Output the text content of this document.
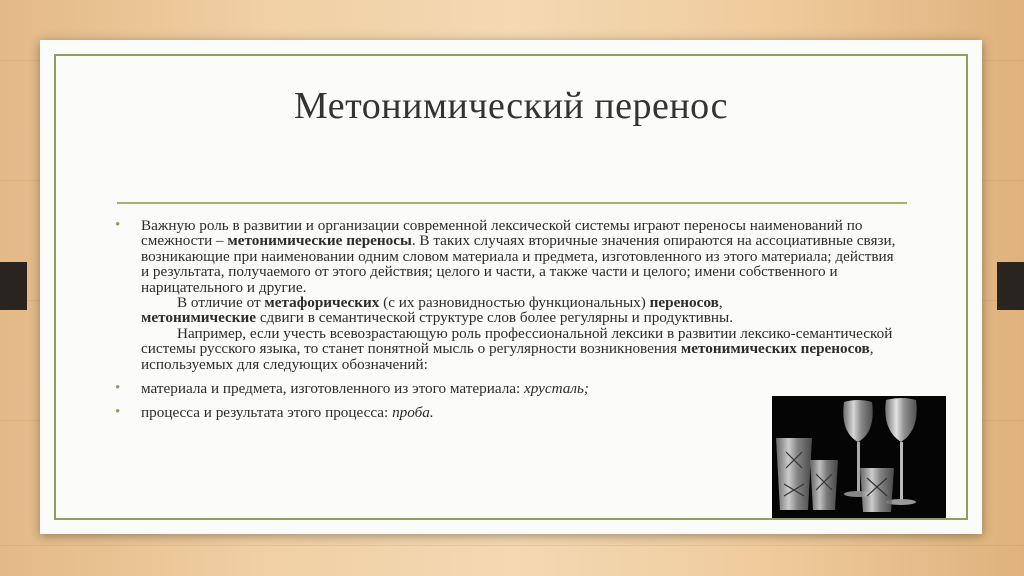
Метонимический перенос
• Важную роль в развитии и организации современной лексической системы играют переносы наименований по смежности – метонимические переносы. В таких случаях вторичные значения опираются на ассоциативные связи, возникающие при наименовании одним словом материала и предмета, изготовленного из этого материала; действия и результата, получаемого от этого действия; целого и части, а также части и целого; имени собственного и нарицательного и другие.
В отличие от метафорических (с их разновидностью функциональных) переносов,
метонимические сдвиги в семантической структуре слов более регулярны и продуктивны.
Например, если учесть всевозрастающую роль профессиональной лексики в развитии лексико-семантической системы русского языка, то станет понятной мысль о регулярности возникновения метонимических переносов, используемых для следующих обозначений:
• материала и предмета, изготовленного из этого материала: хрусталь;
• процесса и результата этого процесса: проба.
